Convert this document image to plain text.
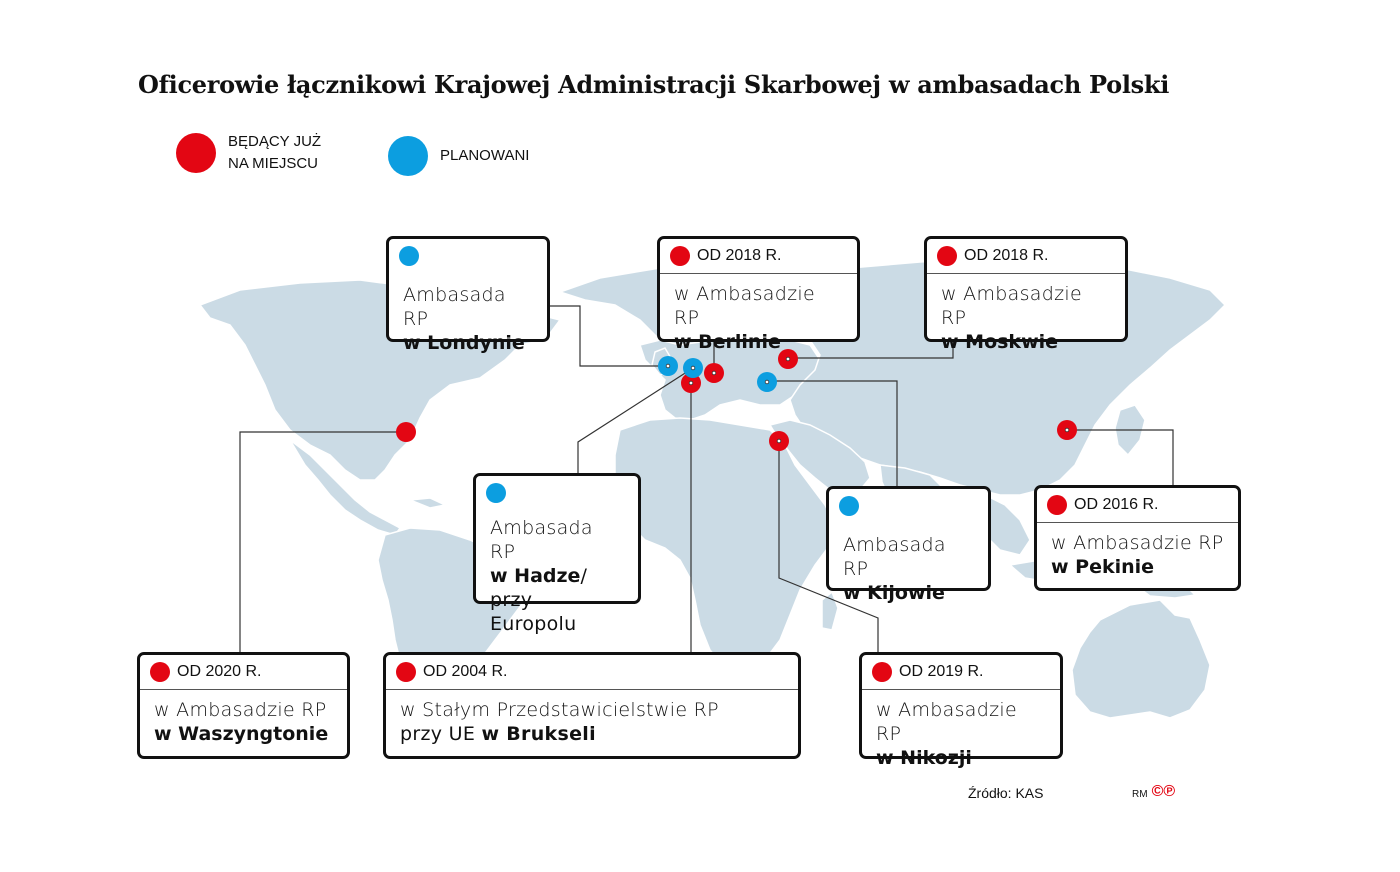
Oficerowie łącznikowi Krajowej Administracji Skarbowej w ambasadach Polski
BĘDĄCY JUŻ
NA MIEJSCU	PLANOWANI
Ambasada RP
w Londynie
OD 2018 R.
w Ambasadzie RP
w Berlinie
OD 2018 R.
w Ambasadzie RP
w Moskwie
Ambasada RP
w Hadze/
przy Europolu
Ambasada RP
w Kijowie
OD 2016 R.
w Ambasadzie RP
w Pekinie
OD 2020 R.
w Ambasadzie RP
w Waszyngtonie
OD 2004 R.
w Stałym Przedstawicielstwie RP
przy UE w Brukseli
OD 2019 R.
w Ambasadzie RP
w Nikozji
Źródło: KAS	RM ©℗
